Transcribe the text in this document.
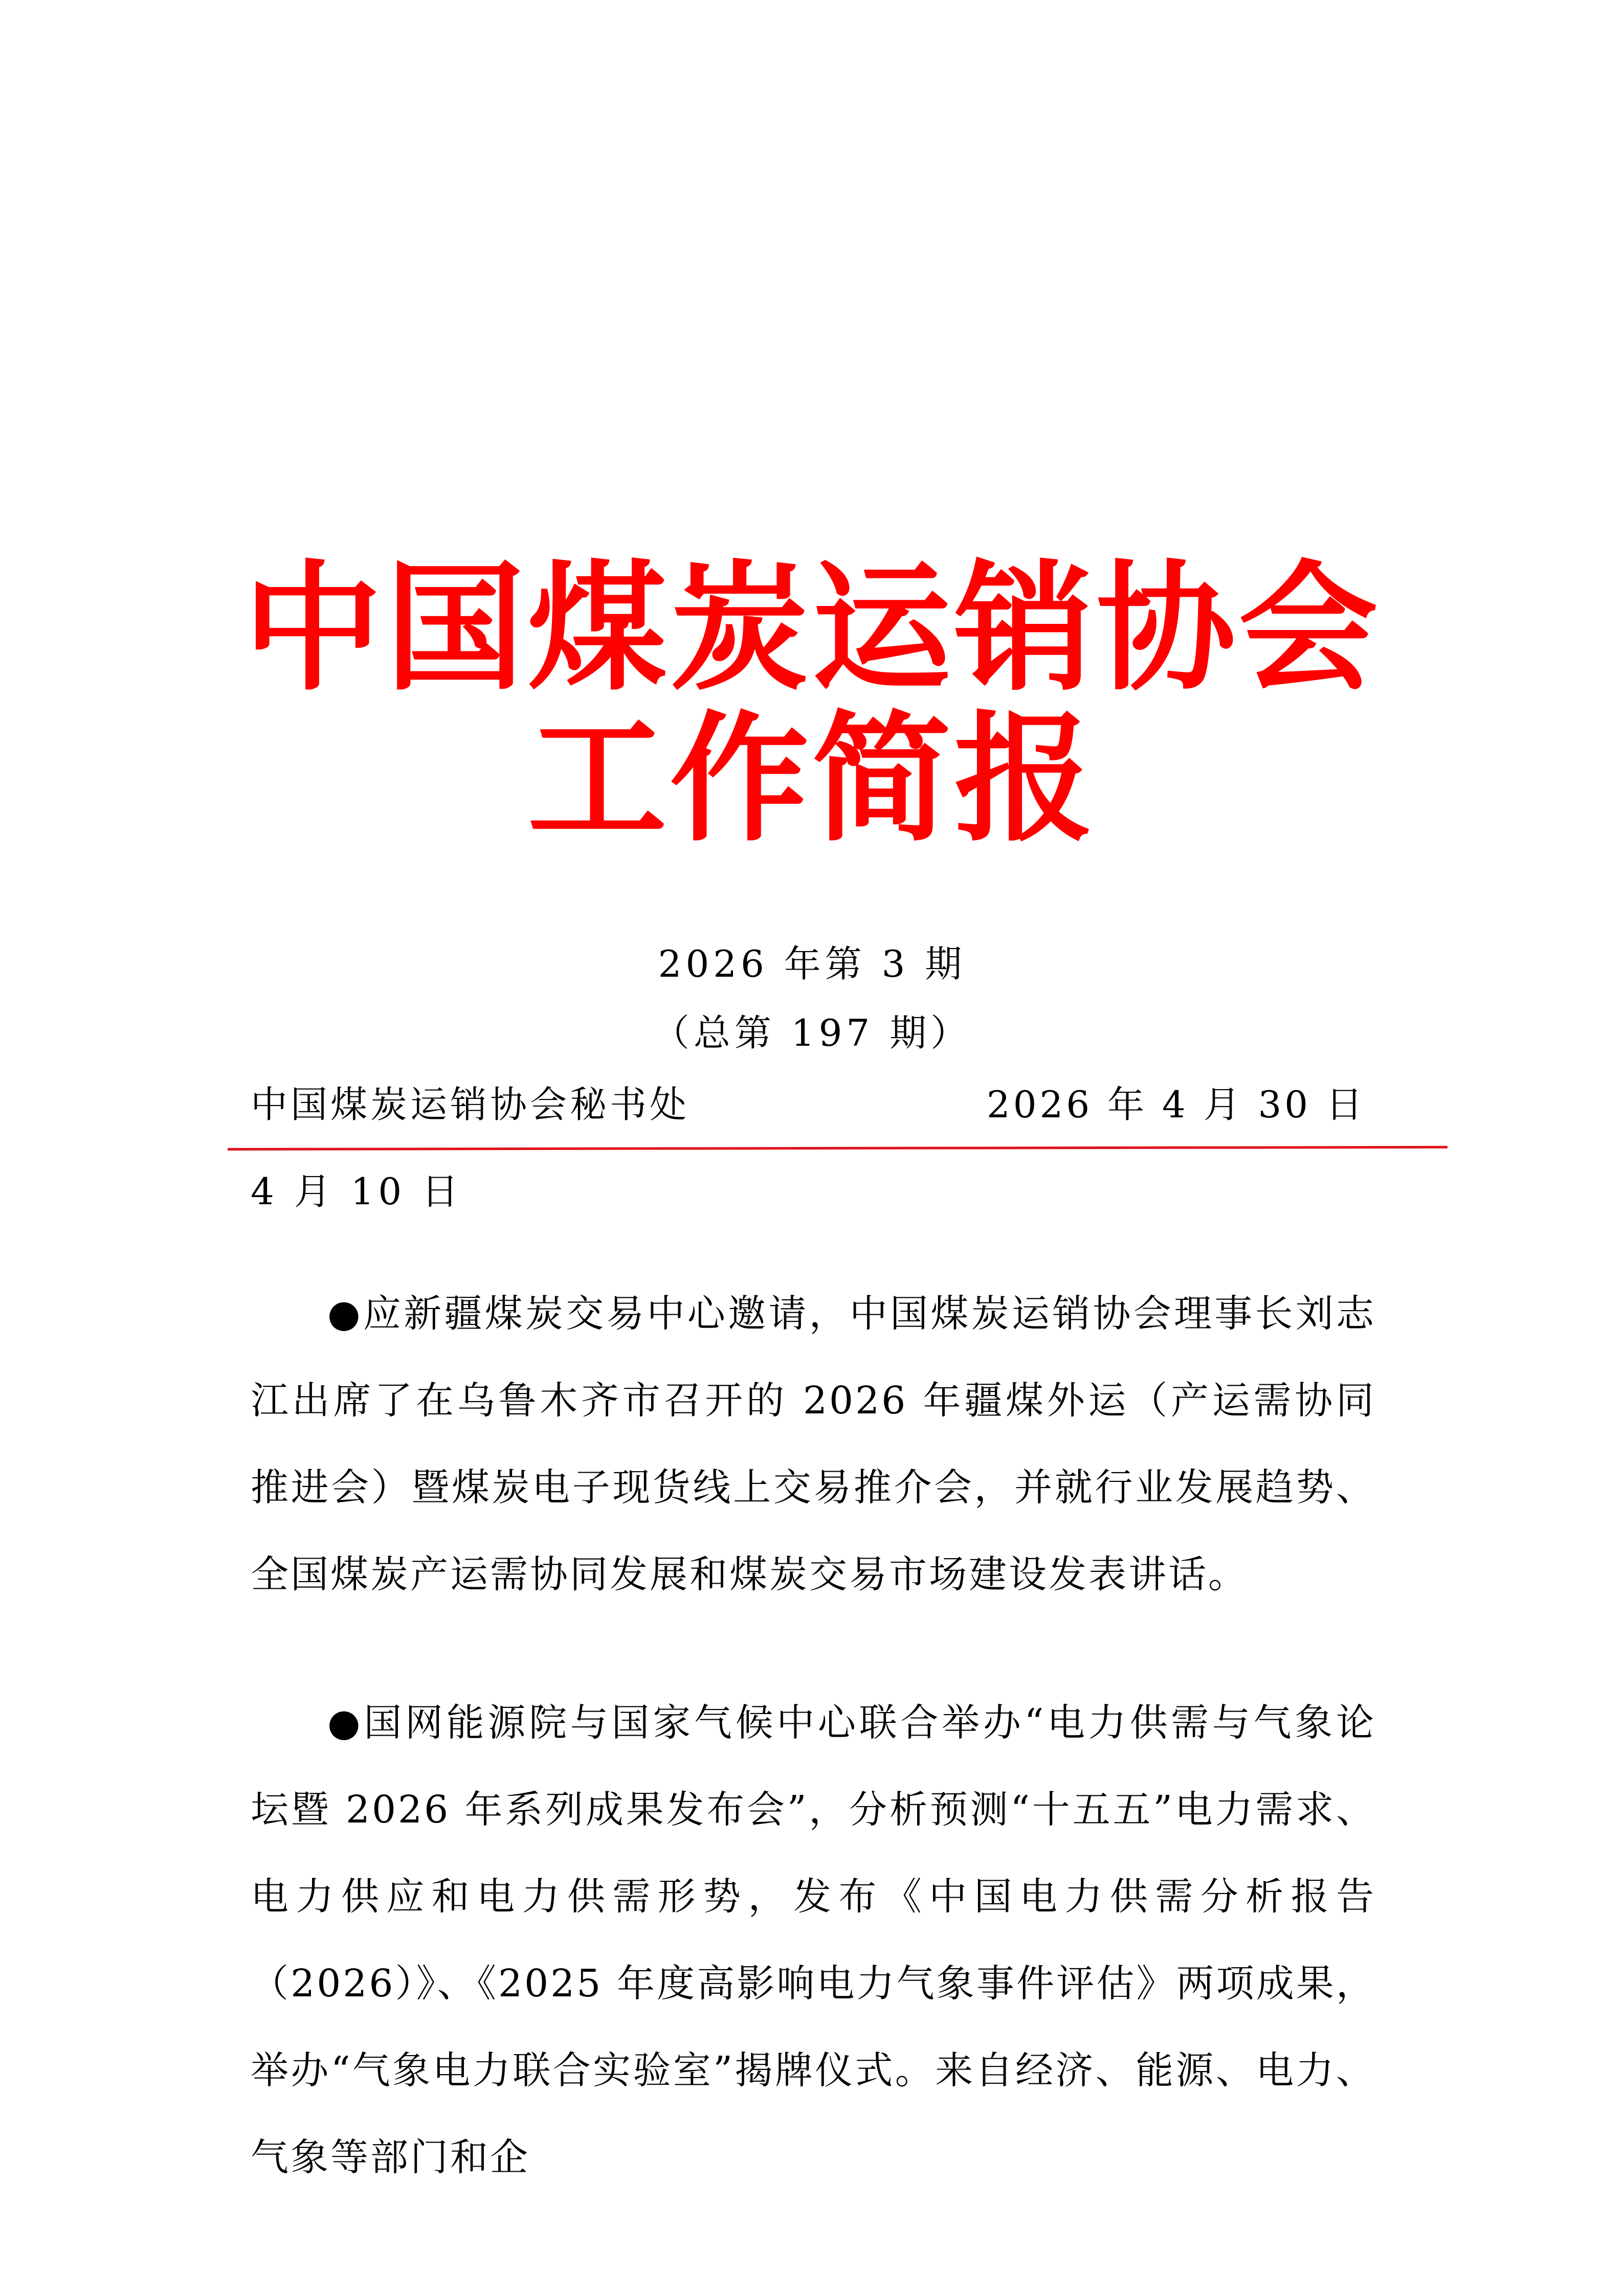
中国煤炭运销协会
工作简报
2026 年第 3 期
（总第 197 期）
中国煤炭运销协会秘书处	2026 年 4 月 30 日
4 月 10 日

●应新疆煤炭交易中心邀请，中国煤炭运销协会理事长刘志江出席了在乌鲁木齐市召开的 2026 年疆煤外运（产运需协同推进会）暨煤炭电子现货线上交易推介会，并就行业发展趋势、全国煤炭产运需协同发展和煤炭交易市场建设发表讲话。

●国网能源院与国家气候中心联合举办“电力供需与气象论坛暨 2026 年系列成果发布会”，分析预测“十五五”电力需求、电力供应和电力供需形势，发布《中国电力供需分析报告（2026）》、《2025 年度高影响电力气象事件评估》两项成果，举办“气象电力联合实验室”揭牌仪式。来自经济、能源、电力、气象等部门和企
